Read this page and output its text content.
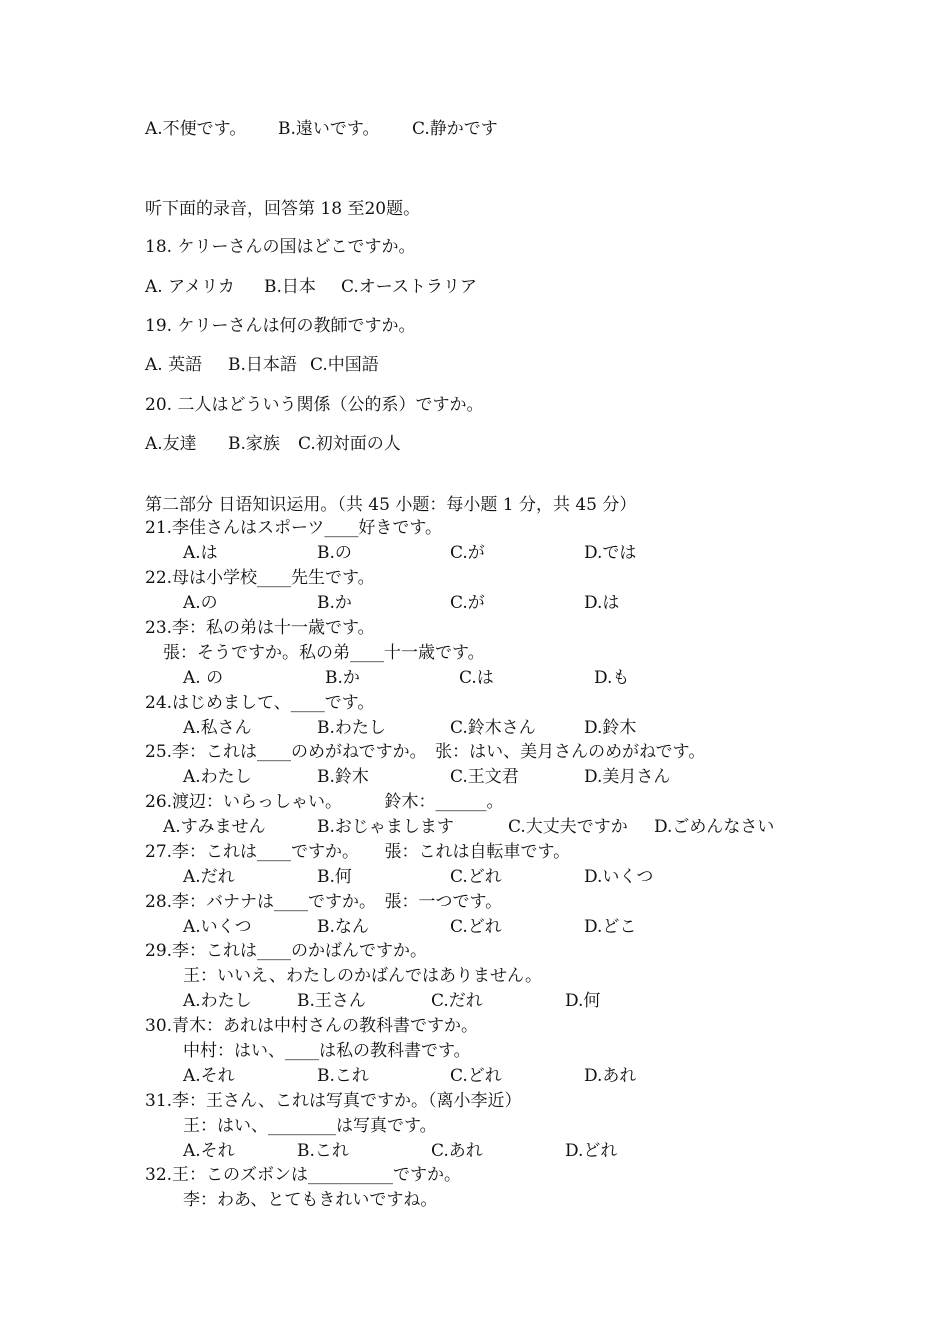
A.不便です。 B.遠いです。 C.静かです
听下面的录音，回答第 18 至20题。
18. ケリーさんの国はどこですか。
A. アメリカ B.日本 C.オーストラリア
19. ケリーさんは何の教師ですか。
A. 英語 B.日本語 C.中国語
20. 二人はどういう関係（公的系）ですか。
A.友達 B.家族 C.初対面の人
第二部分 日语知识运用。（共 45 小题：每小题 1 分，共 45 分）
21.李佳さんはスポーツ____好きです。
A.は	B.の	C.が	D.では
22.母は小学校____先生です。
A.の	B.か	C.が	D.は
23.李：私の弟は十一歳です。
張：そうですか。私の弟____十一歳です。
A. の	B.か	C.は	D.も
24.はじめまして、____です。
A.私さん	B.わたし	C.鈴木さん	D.鈴木
25.李：これは____のめがねですか。　张：はい、美月さんのめがねです。
A.わたし	B.鈴木	C.王文君	D.美月さん
26.渡辺：いらっしゃい。　　　鈴木：______。
A.すみません	B.おじゃまします	C.大丈夫ですか D.ごめんなさい
27.李：これは____ですか。　　張：これは自転車です。
A.だれ	B.何	C.どれ	D.いくつ
28.李：バナナは____ですか。　張：一つです。
A.いくつ	B.なん	C.どれ	D.どこ
29.李：これは____のかばんですか。
王：いいえ、わたしのかばんではありません。
A.わたし	B.王さん	C.だれ	D.何
30.青木：あれは中村さんの教科書ですか。
中村：はい、____は私の教科書です。
A.それ	B.これ	C.どれ	D.あれ
31.李：王さん、これは写真ですか。（离小李近）
王：はい、________は写真です。
A.それ	B.これ	C.あれ	D.どれ
32.王：このズボンは__________ですか。
李：わあ、とてもきれいですね。
